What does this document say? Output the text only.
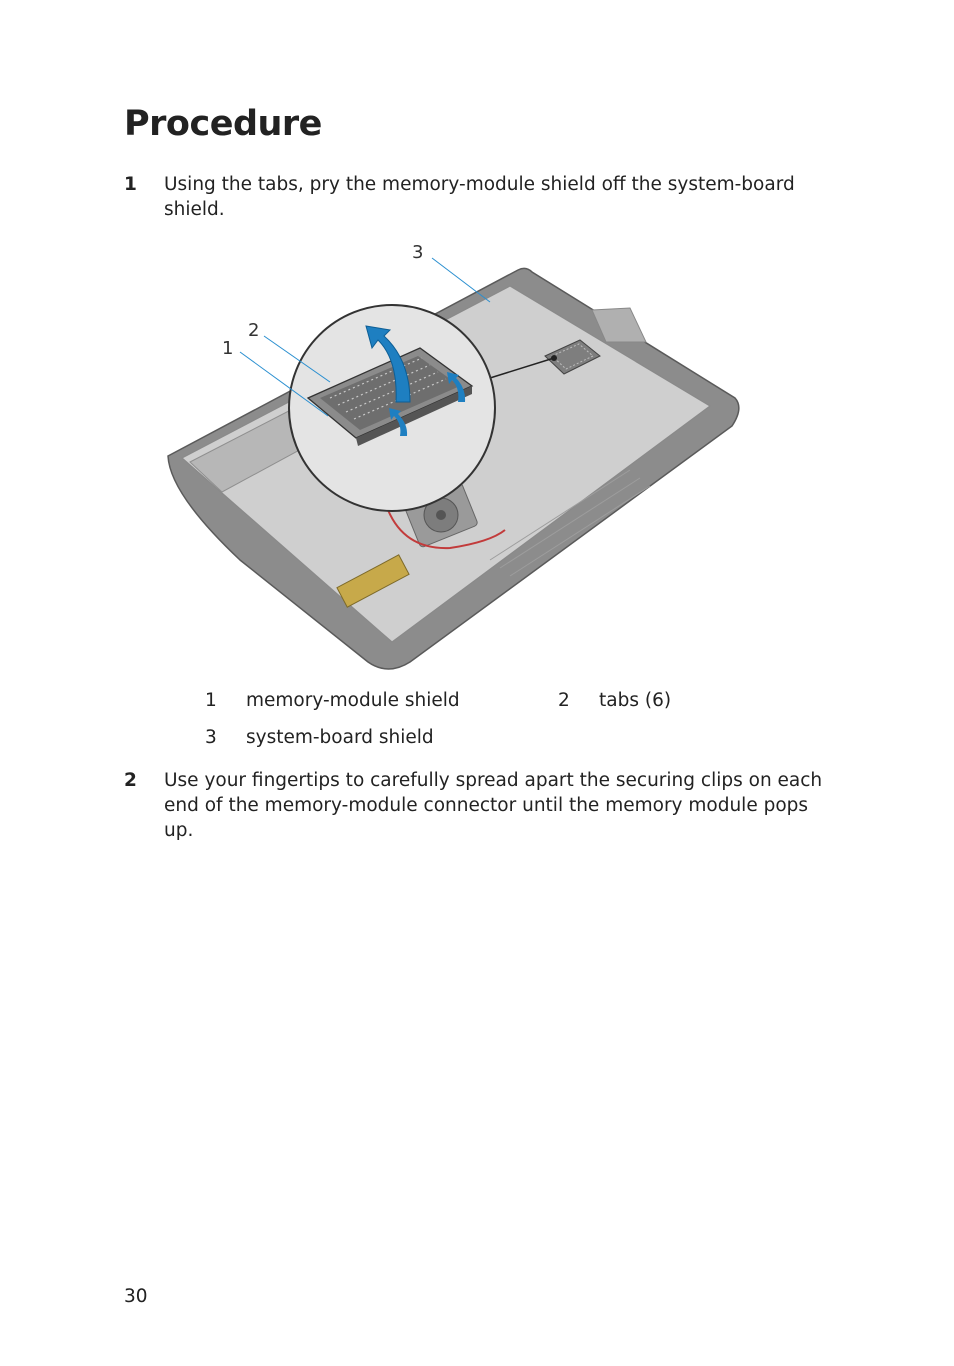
Procedure
1 Using the tabs, pry the memory-module shield off the system-board shield.
1
2
3
1 memory-module shield	2 tabs (6)
3 system-board shield
2 Use your fingertips to carefully spread apart the securing clips on each end of the memory-module connector until the memory module pops up.
30
